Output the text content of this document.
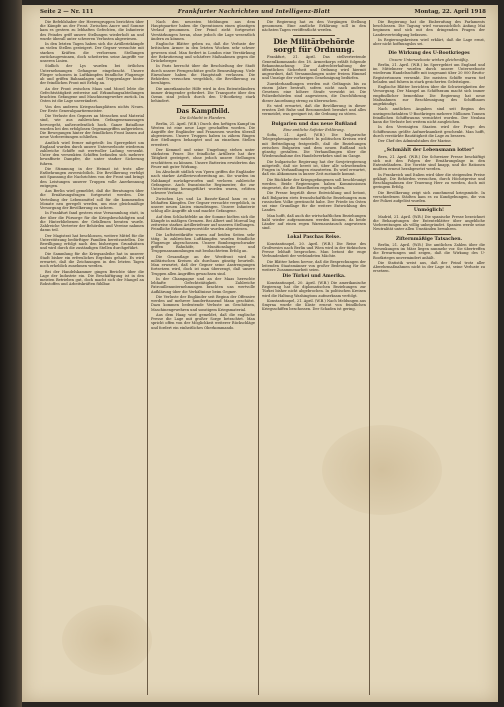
Seite 2 — Nr. 111	Frankfurter Nachrichten und Intelligenz-Blatt	Montag, 22. April 1918

Die Befehlshaber der Heeresgruppen berichten über die Kämpfe an der Front. Zwischen Ancre und Somme kam es gestern zu lebhaften Gefechten, die Infanterie des Feindes griff unsere Stellungen wiederholt an und wurde überall unter schweren Verlusten abgewiesen.

In den letzten Tagen haben sich die Artilleriekämpfe an vielen Stellen gesteigert. Der Gegner versuchte mit starken Kräften die verlorenen Stellungen zurückzugewinnen, doch scheiterten seine Angriffe vor unseren Linien.

Südlich der Lys wurden bei örtlichen Unternehmungen Gefangene eingebracht. Unsere Flieger schossen in Luftkämpfen feindliche Flugzeuge ab und griffen Bahnanlagen und Truppenlager hinter der feindlichen Front mit Erfolg an.

An der Front zwischen Maas und Mosel lebte die Gefechtstätigkeit zeitweise auf. Erkundungsabteilungen brachten Gefangene und Maschinengewehre zurück. Im Osten ist die Lage unverändert.

Von den anderen Kriegsschauplätzen nichts Neues. Der Erste Generalquartiermeister.

Die Verluste des Gegners an Menschen und Material sind, wie aus zahlreichen Gefangenenaussagen hervorgeht, außerordentlich hoch. Ganze Bataillone wurden bei den erfolglosen Gegenangriffen aufgerieben. Die Bewegungen hinter der feindlichen Front lassen auf neue Vorbereitungen schließen.

Amtlich wird ferner mitgeteilt: Im Sperrgebiet um England wurden durch unsere Unterseeboote wiederum zahlreiche Schiffe mit wertvoller Ladung versenkt. Unter den versenkten Schiffen befanden sich mehrere bewaffnete Dampfer, die unter starker Sicherung fuhren.

Die Stimmung in der Heimat ist trotz aller Entbehrungen zuversichtlich. Die Bevölkerung verfolgt mit Spannung die Nachrichten von der Front und bringt den Leistungen unserer Truppen volle Anerkennung entgegen.

Aus Berlin wird gemeldet, daß die Beratungen über die Ernährungsfragen fortgesetzt werden. Die Verteilung der Lebensmittel soll für die kommenden Monate neu geregelt werden, um eine gleichmäßige Versorgung der Bevölkerung zu sichern.

In Frankfurt fand gestern eine Versammlung statt, in der über die Fürsorge für die Kriegsbeschädigten und die Hinterbliebenen der Gefallenen beraten wurde. Zahlreiche Vertreter der Behörden und Vereine nahmen daran teil.

Der Magistrat hat beschlossen, weitere Mittel für die Unterstützung bedürftiger Familien bereitzustellen. Die Bewilligung erfolgt nach den bisherigen Grundsätzen und wird durch die zuständigen Stellen durchgeführt.

Die Sammlung für die Kriegsanleihe hat in unserer Stadt bisher ein erfreuliches Ergebnis gehabt. Es wird erwartet, daß die Zeichnungen in den letzten Tagen noch erheblich zunehmen werden.

Bei der Handelskammer gingen Berichte über die Lage der Industrie ein. Die Beschäftigung ist in den meisten Betrieben gut, doch macht sich der Mangel an Rohstoffen und Arbeitskräften fühlbar.

Nach den neuesten Meldungen aus dem Hauptquartier haben die Operationen einen günstigen Verlauf genommen. Der Feind zieht fortgesetzt Verstärkungen heran, ohne jedoch die Lage wesentlich ändern zu können.

Englische Blätter geben zu, daß die Verluste der britischen Armee in den letzten Wochen sehr schwer gewesen sind. Man fordert in London eine Verstärkung der Rekrutierung und schärfere Maßnahmen gegen die Drückeberger.

In Paris herrscht über die Beschießung der Stadt durch unsere Ferngeschütze große Beunruhigung. Viele Einwohner haben die Hauptstadt verlassen. Die Behörden versuchen vergeblich, die Bevölkerung zu beruhigen.

Die amerikanische Hilfe wird in den Ententeländern immer dringender gefordert. Die Transporte über den Ozean sind jedoch durch den U-Bootkrieg stark behindert.

Das Kampfbild.
Die Schlacht in Flandern.

Berlin, 21. April. (W.B.) Durch den heftigen Kampf im Westen ist eine neue Lage geschaffen worden. Die Angriffe der Engländer und Franzosen wurden überall abgewiesen. Unsere Truppen haben in zähem Ringen ihre Stellungen behauptet und an einzelnen Stellen erweitert.

Der Kemmel und seine Umgebung stehen unter stärkstem Feuer. Die feindliche Artillerie hat ihre Tätigkeit gesteigert, ohne jedoch unsere Stellungen erschüttern zu können. Unsere Batterien erwiderten das Feuer mit guter Wirkung.

Im Abschnitt südlich von Ypern griffen die Engländer nach starker Artillerievorbereitung an. Sie wurden im Nahkampf zurückgeworfen und verloren zahlreiche Gefangene. Auch französische Regimenter, die zur Unterstützung herangeführt worden waren, erlitten schwere Verluste.

Zwischen Lys und La Bassée-Kanal kam es zu lebhaften Kämpfen. Der Gegner versuchte vergeblich, in unsere neuen Linien einzudringen. Unsere Infanterie schlug alle Angriffe ab und machte Gefangene.

Auf dem Schlachtfelde an der Somme hielten sich die Kämpfe in mäßigen Grenzen. Bei Albert und Moreuil lag zeitweise starkes Artilleriefeuer auf unseren Stellungen. Feindliche Erkundungsvorstöße wurden abgewiesen.

Die Luftstreitkräfte waren auf beiden Seiten sehr tätig. In zahlreichen Luftkämpfen wurden feindliche Flugzeuge abgeschossen. Unsere Bombengeschwader griffen Bahnhöfe, Munitionslager und Truppenansammlungen mit beobachtetem Erfolg an.

Die Gesamtlage an der Westfront wird in militärischen Kreisen als durchaus günstig beurteilt. Man erwartet, daß der Gegner seine Anstrengungen fortsetzen wird, doch ist man überzeugt, daß unsere Truppen allen Angriffen gewachsen sind.

In der Champagne und an der Maas herrschte lebhafte Gefechtstätigkeit. Zahlreiche Patrouillenunternehmungen brachten uns wertvolle Aufklärung über die Verhältnisse beim Gegner.

Die Verluste der Engländer seit Beginn der Offensive werden auf mehrere hunderttausend Mann geschätzt. Dazu kommen bedeutende Verluste an Geschützen, Maschinengewehren und sonstigem Kriegsmaterial.

Aus dem Haag wird gemeldet, daß die englische Presse die Lage mit großer Sorge betrachtet. Man spricht offen von der Möglichkeit weiterer Rückschläge und fordert ein einheitliches Oberkommando.

Die Regierung hat zu den Vorgängen Stellung genommen. Eine amtliche Erklärung soll in den nächsten Tagen veröffentlicht werden.

Die Militärbehörde sorgt für Ordnung.

Frankfurt, 21. April. Das stellvertretende Generalkommando des 18. Armeekorps erläßt folgende Bekanntmachung: Zur Aufrechterhaltung der öffentlichen Sicherheit und Ordnung wird hiermit angeordnet, daß Versammlungen unter freiem Himmel und Umzüge der vorherigen Genehmigung bedürfen.

Zuwiderhandlungen werden mit Gefängnis bis zu einem Jahre bestraft, sofern nicht nach anderen Gesetzen eine höhere Strafe verwirkt ist. Die Polizeibehörden sind angewiesen, die Durchführung dieser Anordnung streng zu überwachen.

Es wird erwartet, daß die Bevölkerung in dieser ernsten Zeit Ruhe und Besonnenheit bewahrt und alles vermeidet, was geeignet ist, die Ordnung zu stören.

Bulgarien und das neue Rußland
Eine amtliche Sofioter Erklärung.

Sofia, 21. April. (W.B.) Die bulgarische Telegraphenagentur meldet: In politischen Kreisen wird mit Befriedigung festgestellt, daß die Beziehungen zwischen Bulgarien und dem neuen Rußland sich günstig gestalten. Die Verhandlungen über die Wiederaufnahme des Handelsverkehrs sind im Gange.

Die bulgarische Regierung hat der Sowjetregierung mitgeteilt, daß sie bereit ist, über alle schwebenden Fragen in Verhandlungen einzutreten. Es wird erwartet, daß ein Abkommen in kurzer Zeit zustande kommt.

Die Rückkehr der Kriegsgefangenen soll beschleunigt werden. Beide Regierungen haben Kommissionen eingesetzt, die die Einzelheiten regeln sollen.

Die Presse begrüßt diese Entwicklung und betont, daß Bulgarien stets freundschaftliche Beziehungen zum russischen Volke gewünscht habe. Der Friede im Osten sei eine Grundlage für die weitere Entwicklung des Landes.

Man hofft, daß auch die wirtschaftlichen Beziehungen bald wieder aufgenommen werden können, da beide Länder auf einen regen Warenaustausch angewiesen sind.

Lokal Paschas Reise.

Konstantinopel, 20. April. (W.B.) Die Reise des Großwesirs nach Berlin und Wien wird in der türkischen Presse lebhaft besprochen. Man betont die enge Verbundenheit der verbündeten Mächte.

Die Blätter heben hervor, daß die Besprechungen der leitenden Staatsmänner von großer Bedeutung für die weitere Zusammenarbeit seien.

Die Türkei und Amerika.

Konstantinopel, 20. April. (W.B.) Die amerikanische Regierung hat die diplomatischen Beziehungen zur Türkei bisher nicht abgebrochen. In politischen Kreisen wird die Haltung Washingtons aufmerksam verfolgt.

Konstantinopel, 21. April. (W.B.) Nach Meldungen aus Smyrna wurde die Küste erneut von feindlichen Kriegsschiffen beschossen. Der Schaden ist gering.

Die Regierung hat die Einberufung des Parlaments beschlossen. Die Tagung wird voraussichtlich Anfang Mai beginnen und sich mit den dringenden Fragen der Landesverteidigung befassen.

In Regierungskreisen wird erklärt, daß die Lage ernst, aber nicht hoffnungslos sei.

Die Wirkung des U-Bootkrieges
Unsere Unterseeboote wirken gleichmäßig.

Berlin, 21. April. (W.B.) Im Sperrgebiet um England und im Mittelmeer wurden durch unsere Unterseeboote wiederum Handelsschiffe mit insgesamt über 20 000 Brutto-Registertonnen versenkt. Die meisten Schiffe waren tief beladen und fuhren in stark gesicherten Geleitzügen.

Englische Blätter berichten über die Schwierigkeiten der Versorgung. Der Mangel an Schiffsraum macht sich immer empfindlicher bemerkbar. Die Regierung hat neue Maßnahmen zur Beschleunigung des Schiffbaues angekündigt.

Nach amtlichen Angaben sind seit Beginn des uneingeschränkten U-Bootkrieges mehrere Millionen Tonnen feindlichen Schiffsraums vernichtet worden. Der Neubau kann die Verluste bei weitem nicht ausgleichen.

In den Vereinigten Staaten wird der Frage des Schiffsraums größte Aufmerksamkeit geschenkt. Man hofft, durch verstärkte Bautätigkeit die Lage zu bessern.

Der Chef des Admiralstabes der Marine.

„Schmählt der Lebensmann lotter"

Bern, 21. April. (W.B.) Die Schweizer Presse beschäftigt sich mit den Folgen der Ernährungslage in den Ententeländern. Die Vorräte sind knapp, und die Rationen mußten erneut herabgesetzt werden.

In Frankreich und Italien wird über die steigenden Preise geklagt. Die Behörden versuchen, durch Höchstpreise und Beschlagnahmen der Teuerung Herr zu werden, doch mit geringem Erfolg.

Die Bevölkerung zeigt sich zunehmend kriegsmüde. In verschiedenen Städten kam es zu Kundgebungen, die von der Polizei aufgelöst wurden.

Unmöglich!

Madrid, 21. April. (W.B.) Die spanische Presse bezeichnet die Behauptungen der Ententeblätter über angebliche Vorbereitungen als völlig unbegründet. Spanien werde seine Neutralität unter allen Umständen bewahren.

Zifternmäßige Tatsachen.

Berlin, 21. April. (W.B.) Die amtlichen Zahlen über die Versenkungen im März liegen nunmehr vor. Sie übertreffen die Erwartungen und zeigen, daß die Wirkung des U-Bootkrieges unvermindert anhält.

Die Statistik weist aus, daß der Feind trotz aller Abwehrmaßnahmen nicht in der Lage ist, seine Verluste zu ersetzen.
